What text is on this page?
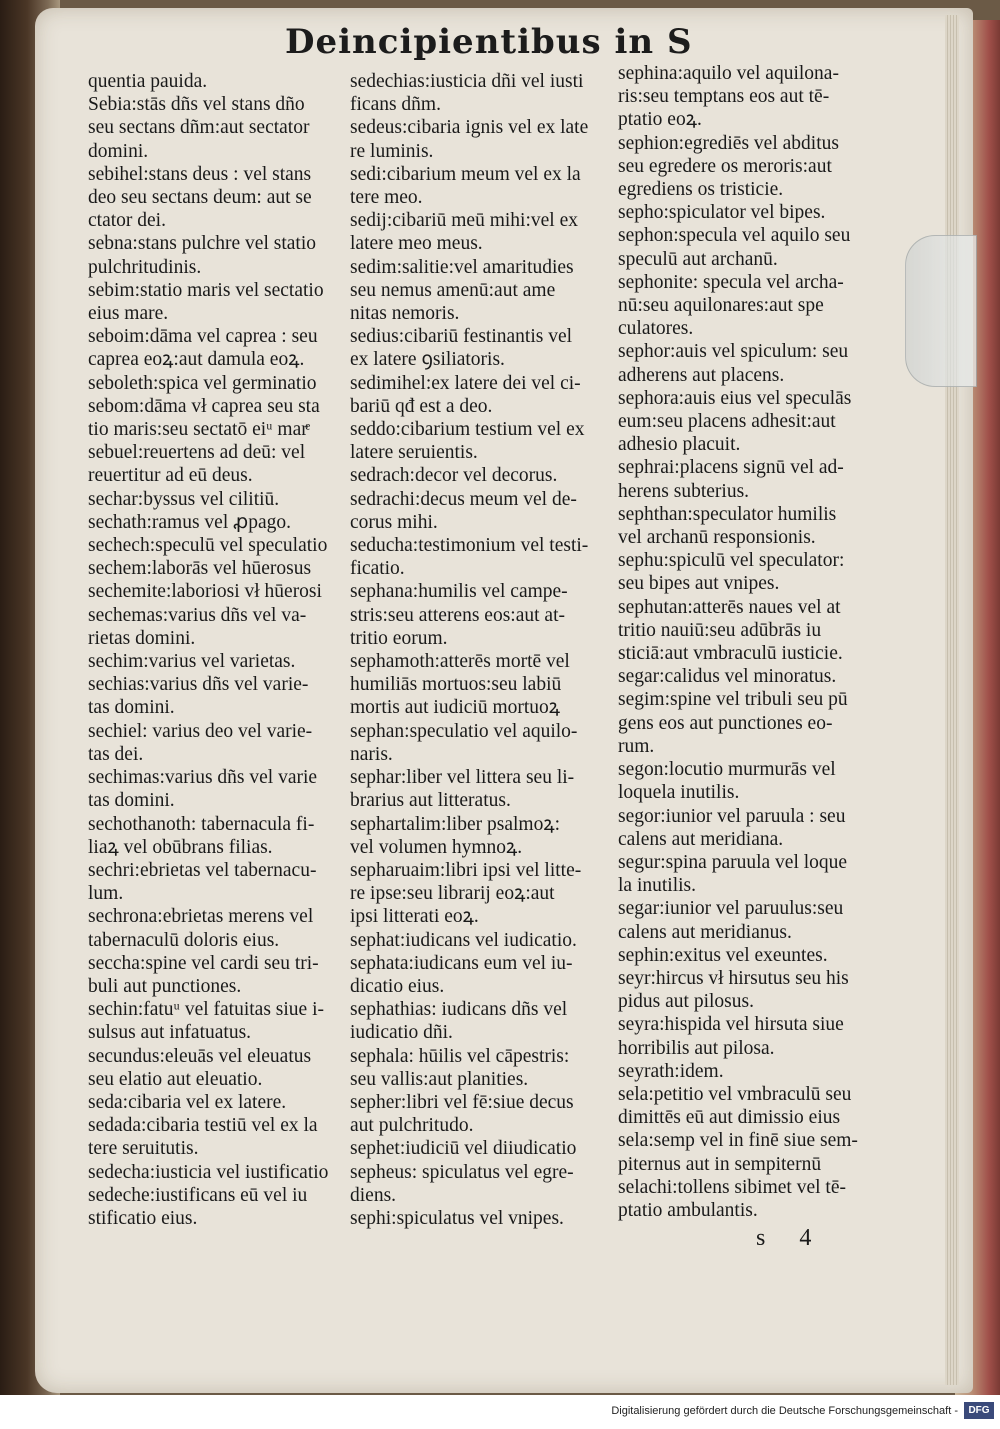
Deincipientibus in S
quentia pauida.
Sebia:stās dñs vel stans dño
seu sectans dñm:aut sectator
domini.
sebihel:stans deus : vel stans
deo seu sectans deum: aut se
ctator dei.
sebna:stans pulchre vel statio
pulchritudinis.
sebim:statio maris vel sectatio
eius mare.
seboim:dāma vel caprea : seu
caprea eoꝝ:aut damula eoꝝ.
seboleth:spica vel germinatio
sebom:dāma vł caprea seu sta
tio maris:seu sectatō eiᵘ marͤ
sebuel:reuertens ad deū: vel
reuertitur ad eū deus.
sechar:byssus vel cilitiū.
sechath:ramus vel ꝓpago.
sechech:speculū vel speculatio
sechem:laborās vel hūerosus
sechemite:laboriosi vł hūerosi
sechemas:varius dñs vel va-
rietas domini.
sechim:varius vel varietas.
sechias:varius dñs vel varie-
tas domini.
sechiel: varius deo vel varie-
tas dei.
sechimas:varius dñs vel varie
tas domini.
sechothanoth: tabernacula fi-
liaꝝ vel obūbrans filias.
sechri:ebrietas vel tabernacu-
lum.
sechrona:ebrietas merens vel
tabernaculū doloris eius.
seccha:spine vel cardi seu tri-
buli aut punctiones.
sechin:fatuᵘ vel fatuitas siue i-
sulsus aut infatuatus.
secundus:eleuās vel eleuatus
seu elatio aut eleuatio.
seda:cibaria vel ex latere.
sedada:cibaria testiū vel ex la
tere seruitutis.
sedecha:iusticia vel iustificatio
sedeche:iustificans eū vel iu
stificatio eius.
sedechias:iusticia dñi vel iusti
ficans dñm.
sedeus:cibaria ignis vel ex late
re luminis.
sedi:cibarium meum vel ex la
tere meo.
sedij:cibariū meū mihi:vel ex
latere meo meus.
sedim:salitie:vel amaritudies
seu nemus amenū:aut ame
nitas nemoris.
sedius:cibariū festinantis vel
ex latere ꝯsiliatoris.
sedimihel:ex latere dei vel ci-
bariū qđ est a deo.
seddo:cibarium testium vel ex
latere seruientis.
sedrach:decor vel decorus.
sedrachi:decus meum vel de-
corus mihi.
seducha:testimonium vel testi-
ficatio.
sephana:humilis vel campe-
stris:seu atterens eos:aut at-
tritio eorum.
sephamoth:atterēs mortē vel
humiliās mortuos:seu labiū
mortis aut iudiciū mortuoꝝ
sephan:speculatio vel aquilo-
naris.
sephar:liber vel littera seu li-
brarius aut litteratus.
sephartalim:liber psalmoꝝ:
vel volumen hymnoꝝ.
sepharuaim:libri ipsi vel litte-
re ipse:seu librarij eoꝝ:aut
ipsi litterati eoꝝ.
sephat:iudicans vel iudicatio.
sephata:iudicans eum vel iu-
dicatio eius.
sephathias: iudicans dñs vel
iudicatio dñi.
sephala: hūilis vel cāpestris:
seu vallis:aut planities.
sepher:libri vel fē:siue decus
aut pulchritudo.
sephet:iudiciū vel diiudicatio
sepheus: spiculatus vel egre-
diens.
sephi:spiculatus vel vnipes.
sephina:aquilo vel aquilona-
ris:seu temptans eos aut tē-
ptatio eoꝝ.
sephion:egrediēs vel abditus
seu egredere os meroris:aut
egrediens os tristicie.
sepho:spiculator vel bipes.
sephon:specula vel aquilo seu
speculū aut archanū.
sephonite: specula vel archa-
nū:seu aquilonares:aut spe
culatores.
sephor:auis vel spiculum: seu
adherens aut placens.
sephora:auis eius vel speculās
eum:seu placens adhesit:aut
adhesio placuit.
sephrai:placens signū vel ad-
herens subterius.
sephthan:speculator humilis
vel archanū responsionis.
sephu:spiculū vel speculator:
seu bipes aut vnipes.
sephutan:atterēs naues vel at
tritio nauiū:seu adūbrās iu
sticiā:aut vmbraculū iusticie.
segar:calidus vel minoratus.
segim:spine vel tribuli seu pū
gens eos aut punctiones eo-
rum.
segon:locutio murmurās vel
loquela inutilis.
segor:iunior vel paruula : seu
calens aut meridiana.
segur:spina paruula vel loque
la inutilis.
segar:iunior vel paruulus:seu
calens aut meridianus.
sephin:exitus vel exeuntes.
seyr:hircus vł hirsutus seu his
pidus aut pilosus.
seyra:hispida vel hirsuta siue
horribilis aut pilosa.
seyrath:idem.
sela:petitio vel vmbraculū seu
dimittēs eū aut dimissio eius
sela:semp vel in finē siue sem-
piternus aut in sempiternū
selachi:tollens sibimet vel tē-
ptatio ambulantis.
s 4
Digitalisierung gefördert durch die Deutsche Forschungsgemeinschaft -	DFG
